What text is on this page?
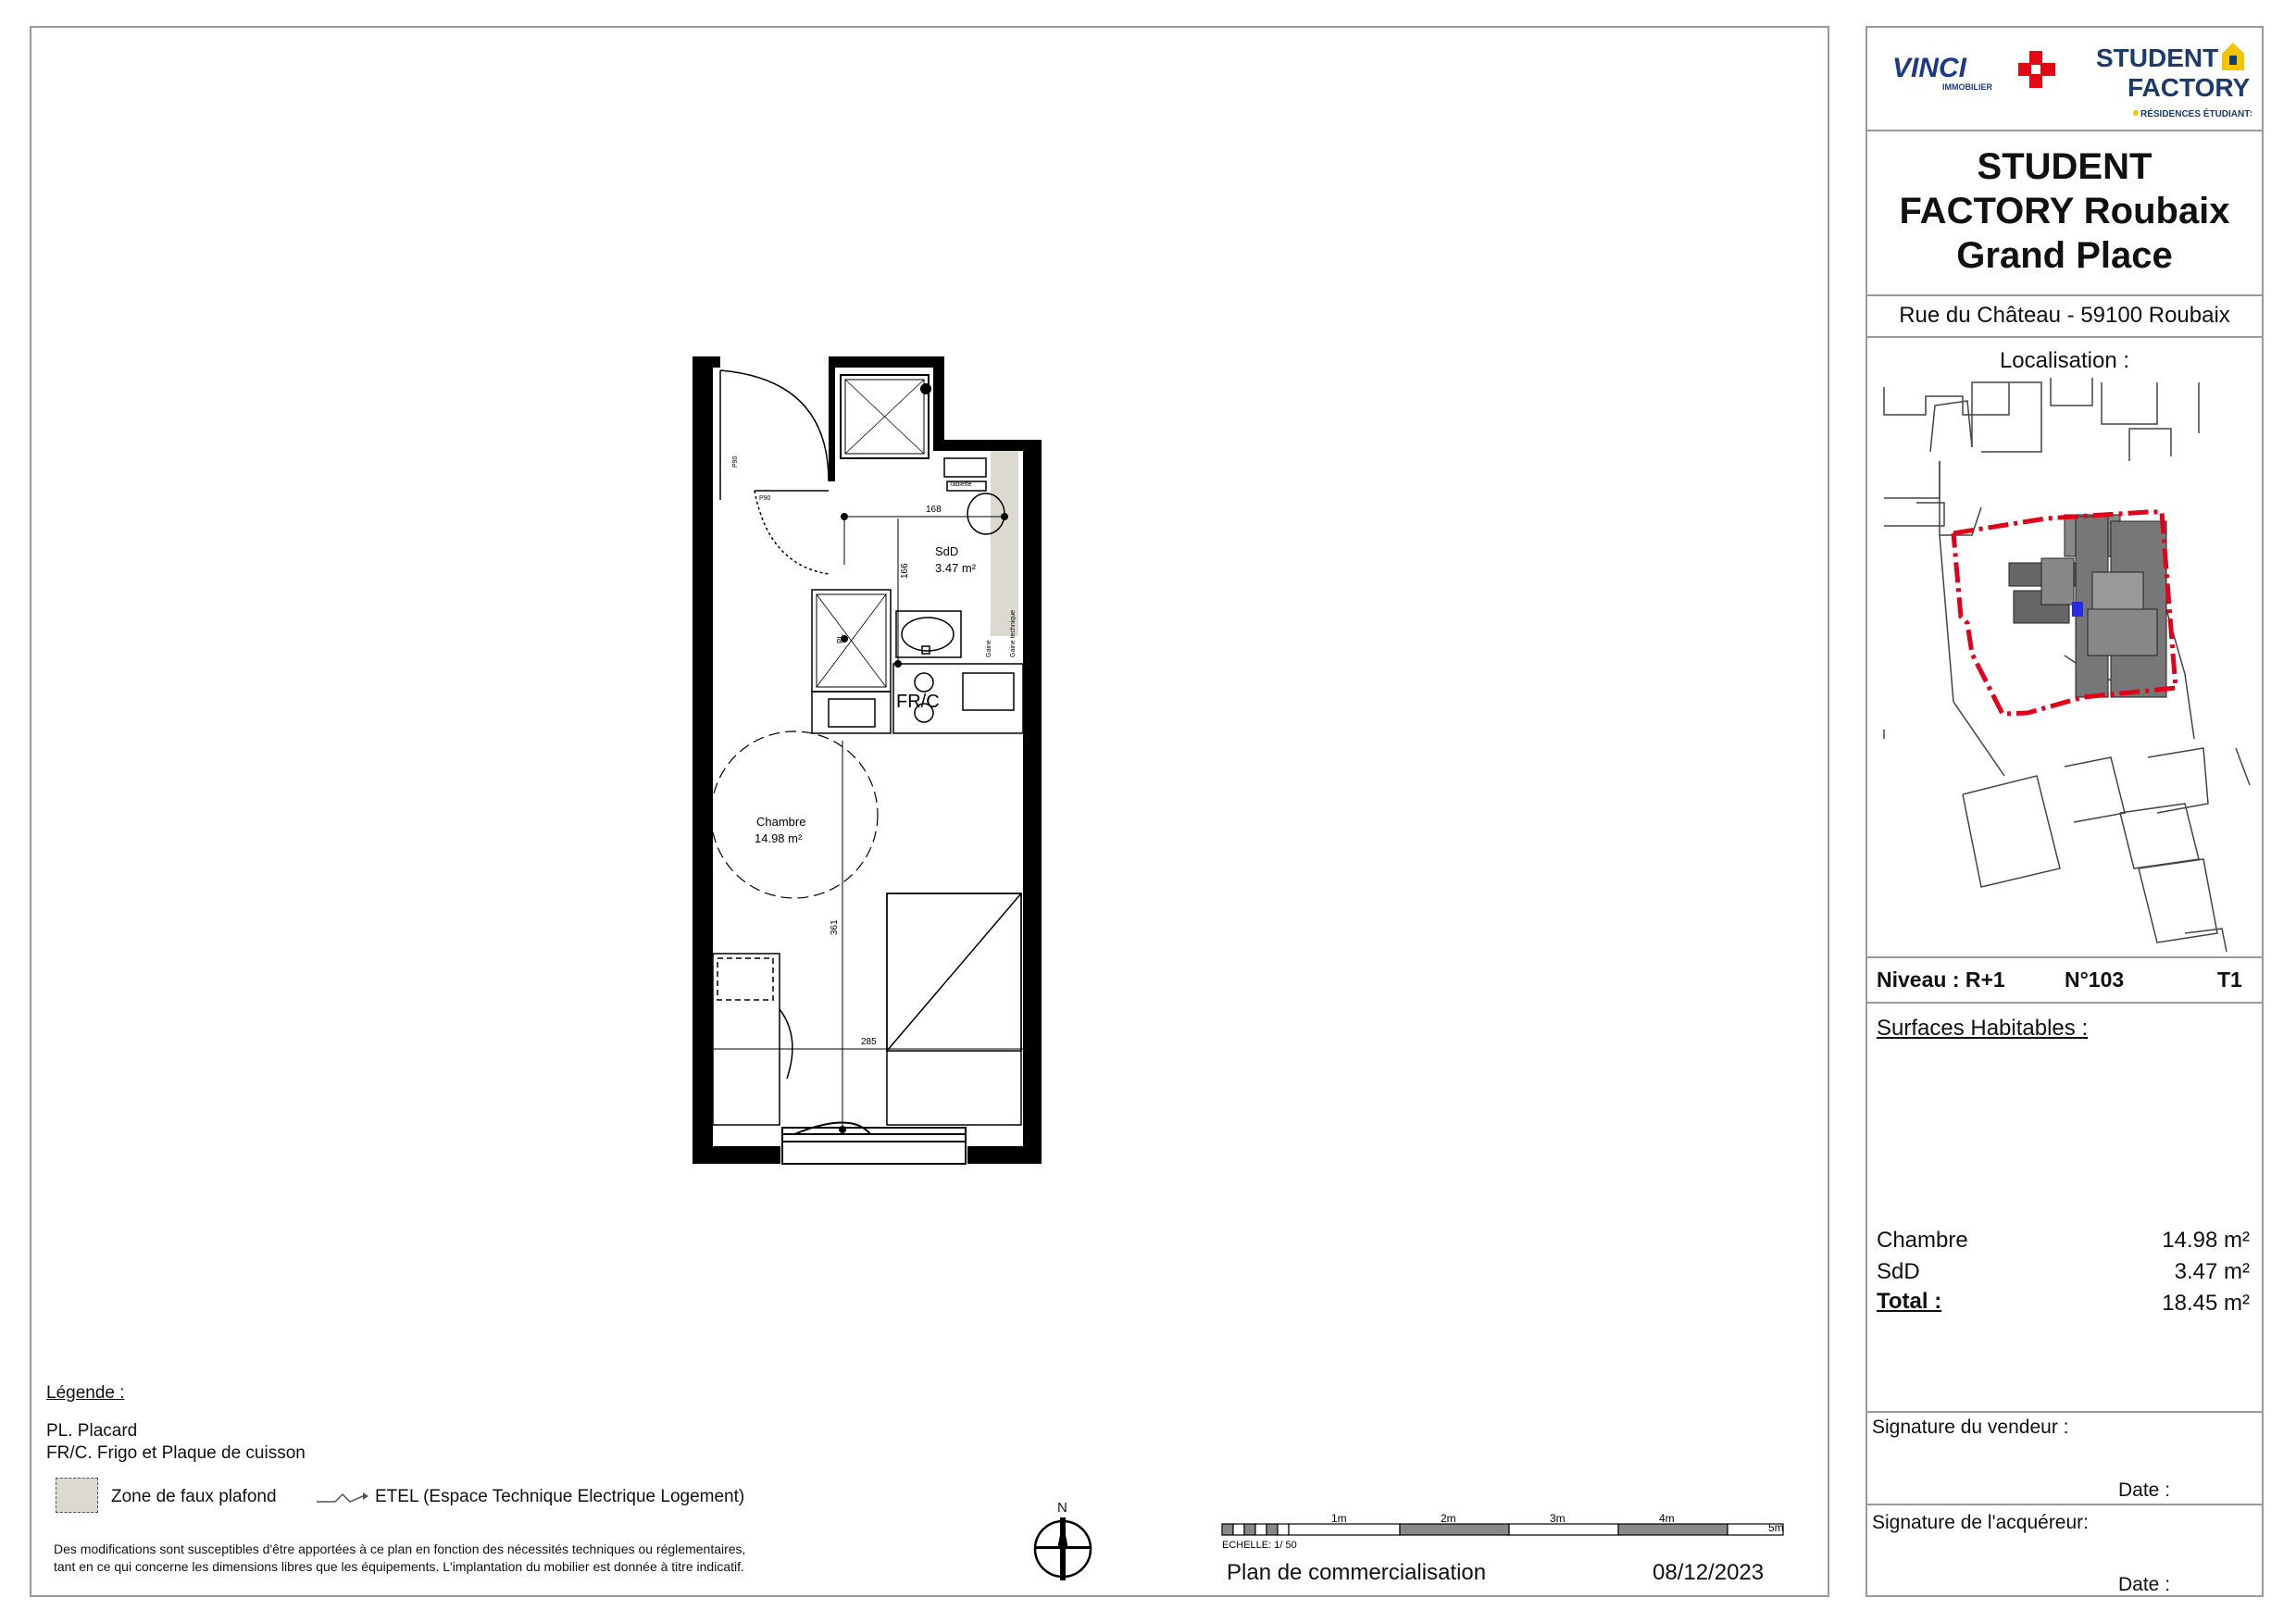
VINCI
IMMOBILIER
STUDENT
FACTORY
RÉSIDENCES ÉTUDIANTS
STUDENT
FACTORY Roubaix
Grand Place
Rue du Château - 59100 Roubaix
Localisation :
Niveau : R+1	N°103	T1
Surfaces Habitables :
Chambre	14.98 m²
SdD	3.47 m²
Total :	18.45 m²
Signature du vendeur :
Date :
Signature de l'acquéreur:
Date :
SdD
3.47 m²
Chambre
14.98 m²
FR/C
168
166
361
285
P90
P90
Tablette
Gaine	Gaine technique
PL
Légende :
PL. Placard
FR/C. Frigo et Plaque de cuisson
Zone de faux plafond	ETEL (Espace Technique Electrique Logement)
Des modifications sont susceptibles d'être apportées à ce plan en fonction des nécessités techniques ou réglementaires,
tant en ce qui concerne les dimensions libres que les équipements. L'implantation du mobilier est donnée à titre indicatif.
N
1m	2m	3m	4m
5m
ECHELLE: 1/ 50
Plan de commercialisation	08/12/2023
